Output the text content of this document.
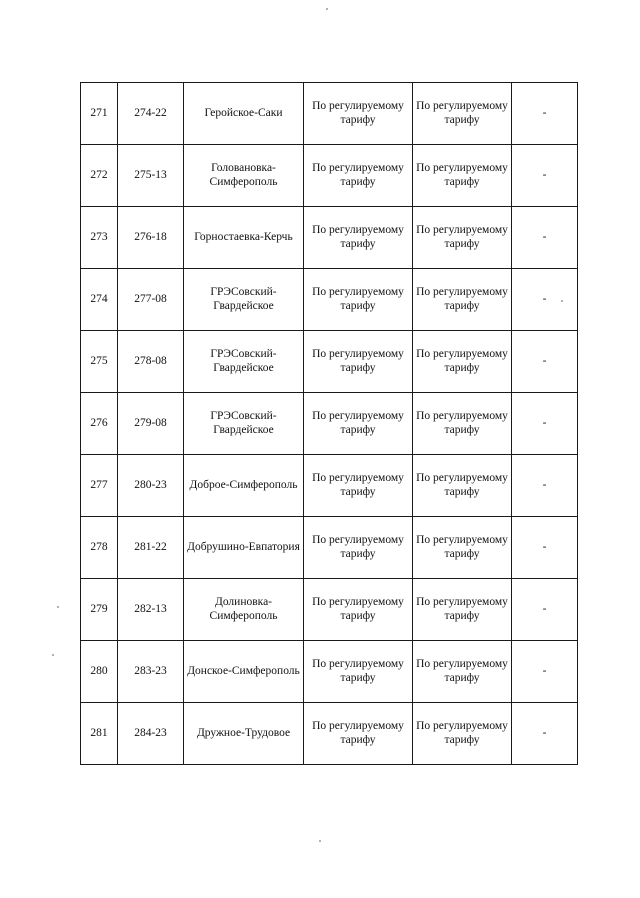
271	274-22	Геройское-Саки	По регулируемому тарифу	По регулируемому тарифу	-
272	275-13	Головановка-Симферополь	По регулируемому тарифу	По регулируемому тарифу	-
273	276-18	Горностаевка-Керчь	По регулируемому тарифу	По регулируемому тарифу	-
274	277-08	ГРЭСовский-Гвардейское	По регулируемому тарифу	По регулируемому тарифу	-
275	278-08	ГРЭСовский-Гвардейское	По регулируемому тарифу	По регулируемому тарифу	-
276	279-08	ГРЭСовский-Гвардейское	По регулируемому тарифу	По регулируемому тарифу	-
277	280-23	Доброе-Симферополь	По регулируемому тарифу	По регулируемому тарифу	-
278	281-22	Добрушино-Евпатория	По регулируемому тарифу	По регулируемому тарифу	-
279	282-13	Долиновка-Симферополь	По регулируемому тарифу	По регулируемому тарифу	-
280	283-23	Донское-Симферополь	По регулируемому тарифу	По регулируемому тарифу	-
281	284-23	Дружное-Трудовое	По регулируемому тарифу	По регулируемому тарифу	-
